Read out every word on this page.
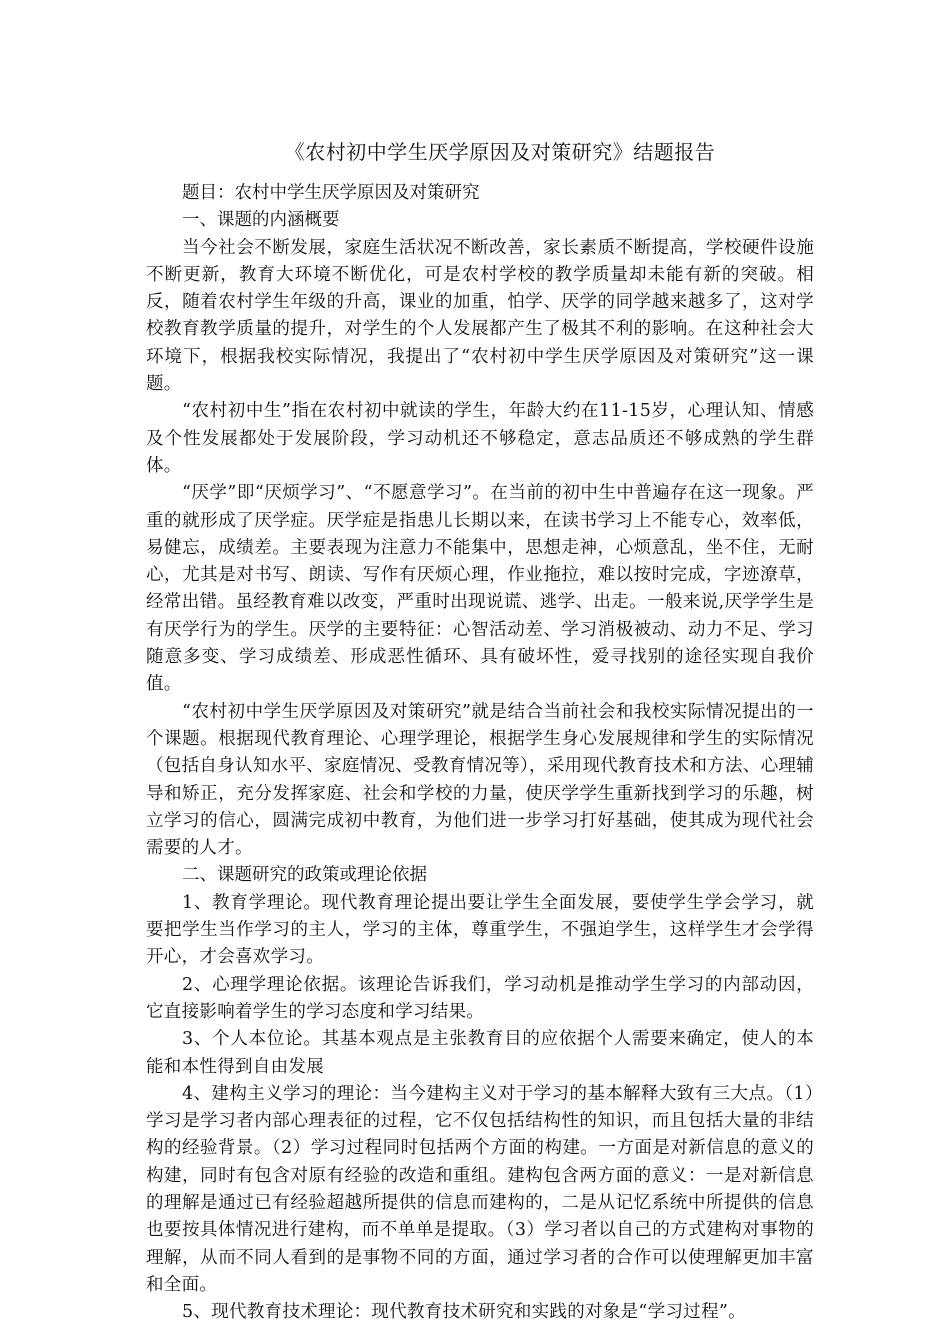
《农村初中学生厌学原因及对策研究》结题报告

题目：农村中学生厌学原因及对策研究

一、课题的内涵概要

当今社会不断发展，家庭生活状况不断改善，家长素质不断提高，学校硬件设施不断更新，教育大环境不断优化，可是农村学校的教学质量却未能有新的突破。相反，随着农村学生年级的升高，课业的加重，怕学、厌学的同学越来越多了，这对学校教育教学质量的提升，对学生的个人发展都产生了极其不利的影响。在这种社会大环境下，根据我校实际情况，我提出了“农村初中学生厌学原因及对策研究”这一课题。

“农村初中生”指在农村初中就读的学生，年龄大约在11-15岁，心理认知、情感及个性发展都处于发展阶段，学习动机还不够稳定，意志品质还不够成熟的学生群体。

“厌学”即“厌烦学习”、“不愿意学习”。在当前的初中生中普遍存在这一现象。严重的就形成了厌学症。厌学症是指患儿长期以来，在读书学习上不能专心，效率低，易健忘，成绩差。主要表现为注意力不能集中，思想走神，心烦意乱，坐不住，无耐心，尤其是对书写、朗读、写作有厌烦心理，作业拖拉，难以按时完成，字迹潦草，经常出错。虽经教育难以改变，严重时出现说谎、逃学、出走。一般来说,厌学学生是有厌学行为的学生。厌学的主要特征：心智活动差、学习消极被动、动力不足、学习随意多变、学习成绩差、形成恶性循环、具有破坏性，爱寻找别的途径实现自我价值。

“农村初中学生厌学原因及对策研究”就是结合当前社会和我校实际情况提出的一个课题。根据现代教育理论、心理学理论，根据学生身心发展规律和学生的实际情况（包括自身认知水平、家庭情况、受教育情况等），采用现代教育技术和方法、心理辅导和矫正，充分发挥家庭、社会和学校的力量，使厌学学生重新找到学习的乐趣，树立学习的信心，圆满完成初中教育，为他们进一步学习打好基础，使其成为现代社会需要的人才。

二、课题研究的政策或理论依据

1、教育学理论。现代教育理论提出要让学生全面发展，要使学生学会学习，就要把学生当作学习的主人，学习的主体，尊重学生，不强迫学生，这样学生才会学得开心，才会喜欢学习。

2、心理学理论依据。该理论告诉我们，学习动机是推动学生学习的内部动因，它直接影响着学生的学习态度和学习结果。

3、个人本位论。其基本观点是主张教育目的应依据个人需要来确定，使人的本能和本性得到自由发展

4、建构主义学习的理论：当今建构主义对于学习的基本解释大致有三大点。（1）学习是学习者内部心理表征的过程，它不仅包括结构性的知识，而且包括大量的非结构的经验背景。（2）学习过程同时包括两个方面的构建。一方面是对新信息的意义的构建，同时有包含对原有经验的改造和重组。建构包含两方面的意义：一是对新信息的理解是通过已有经验超越所提供的信息而建构的，二是从记忆系统中所提供的信息也要按具体情况进行建构，而不单单是提取。（3）学习者以自己的方式建构对事物的理解，从而不同人看到的是事物不同的方面，通过学习者的合作可以使理解更加丰富和全面。

5、现代教育技术理论：现代教育技术研究和实践的对象是“学习过程”。
